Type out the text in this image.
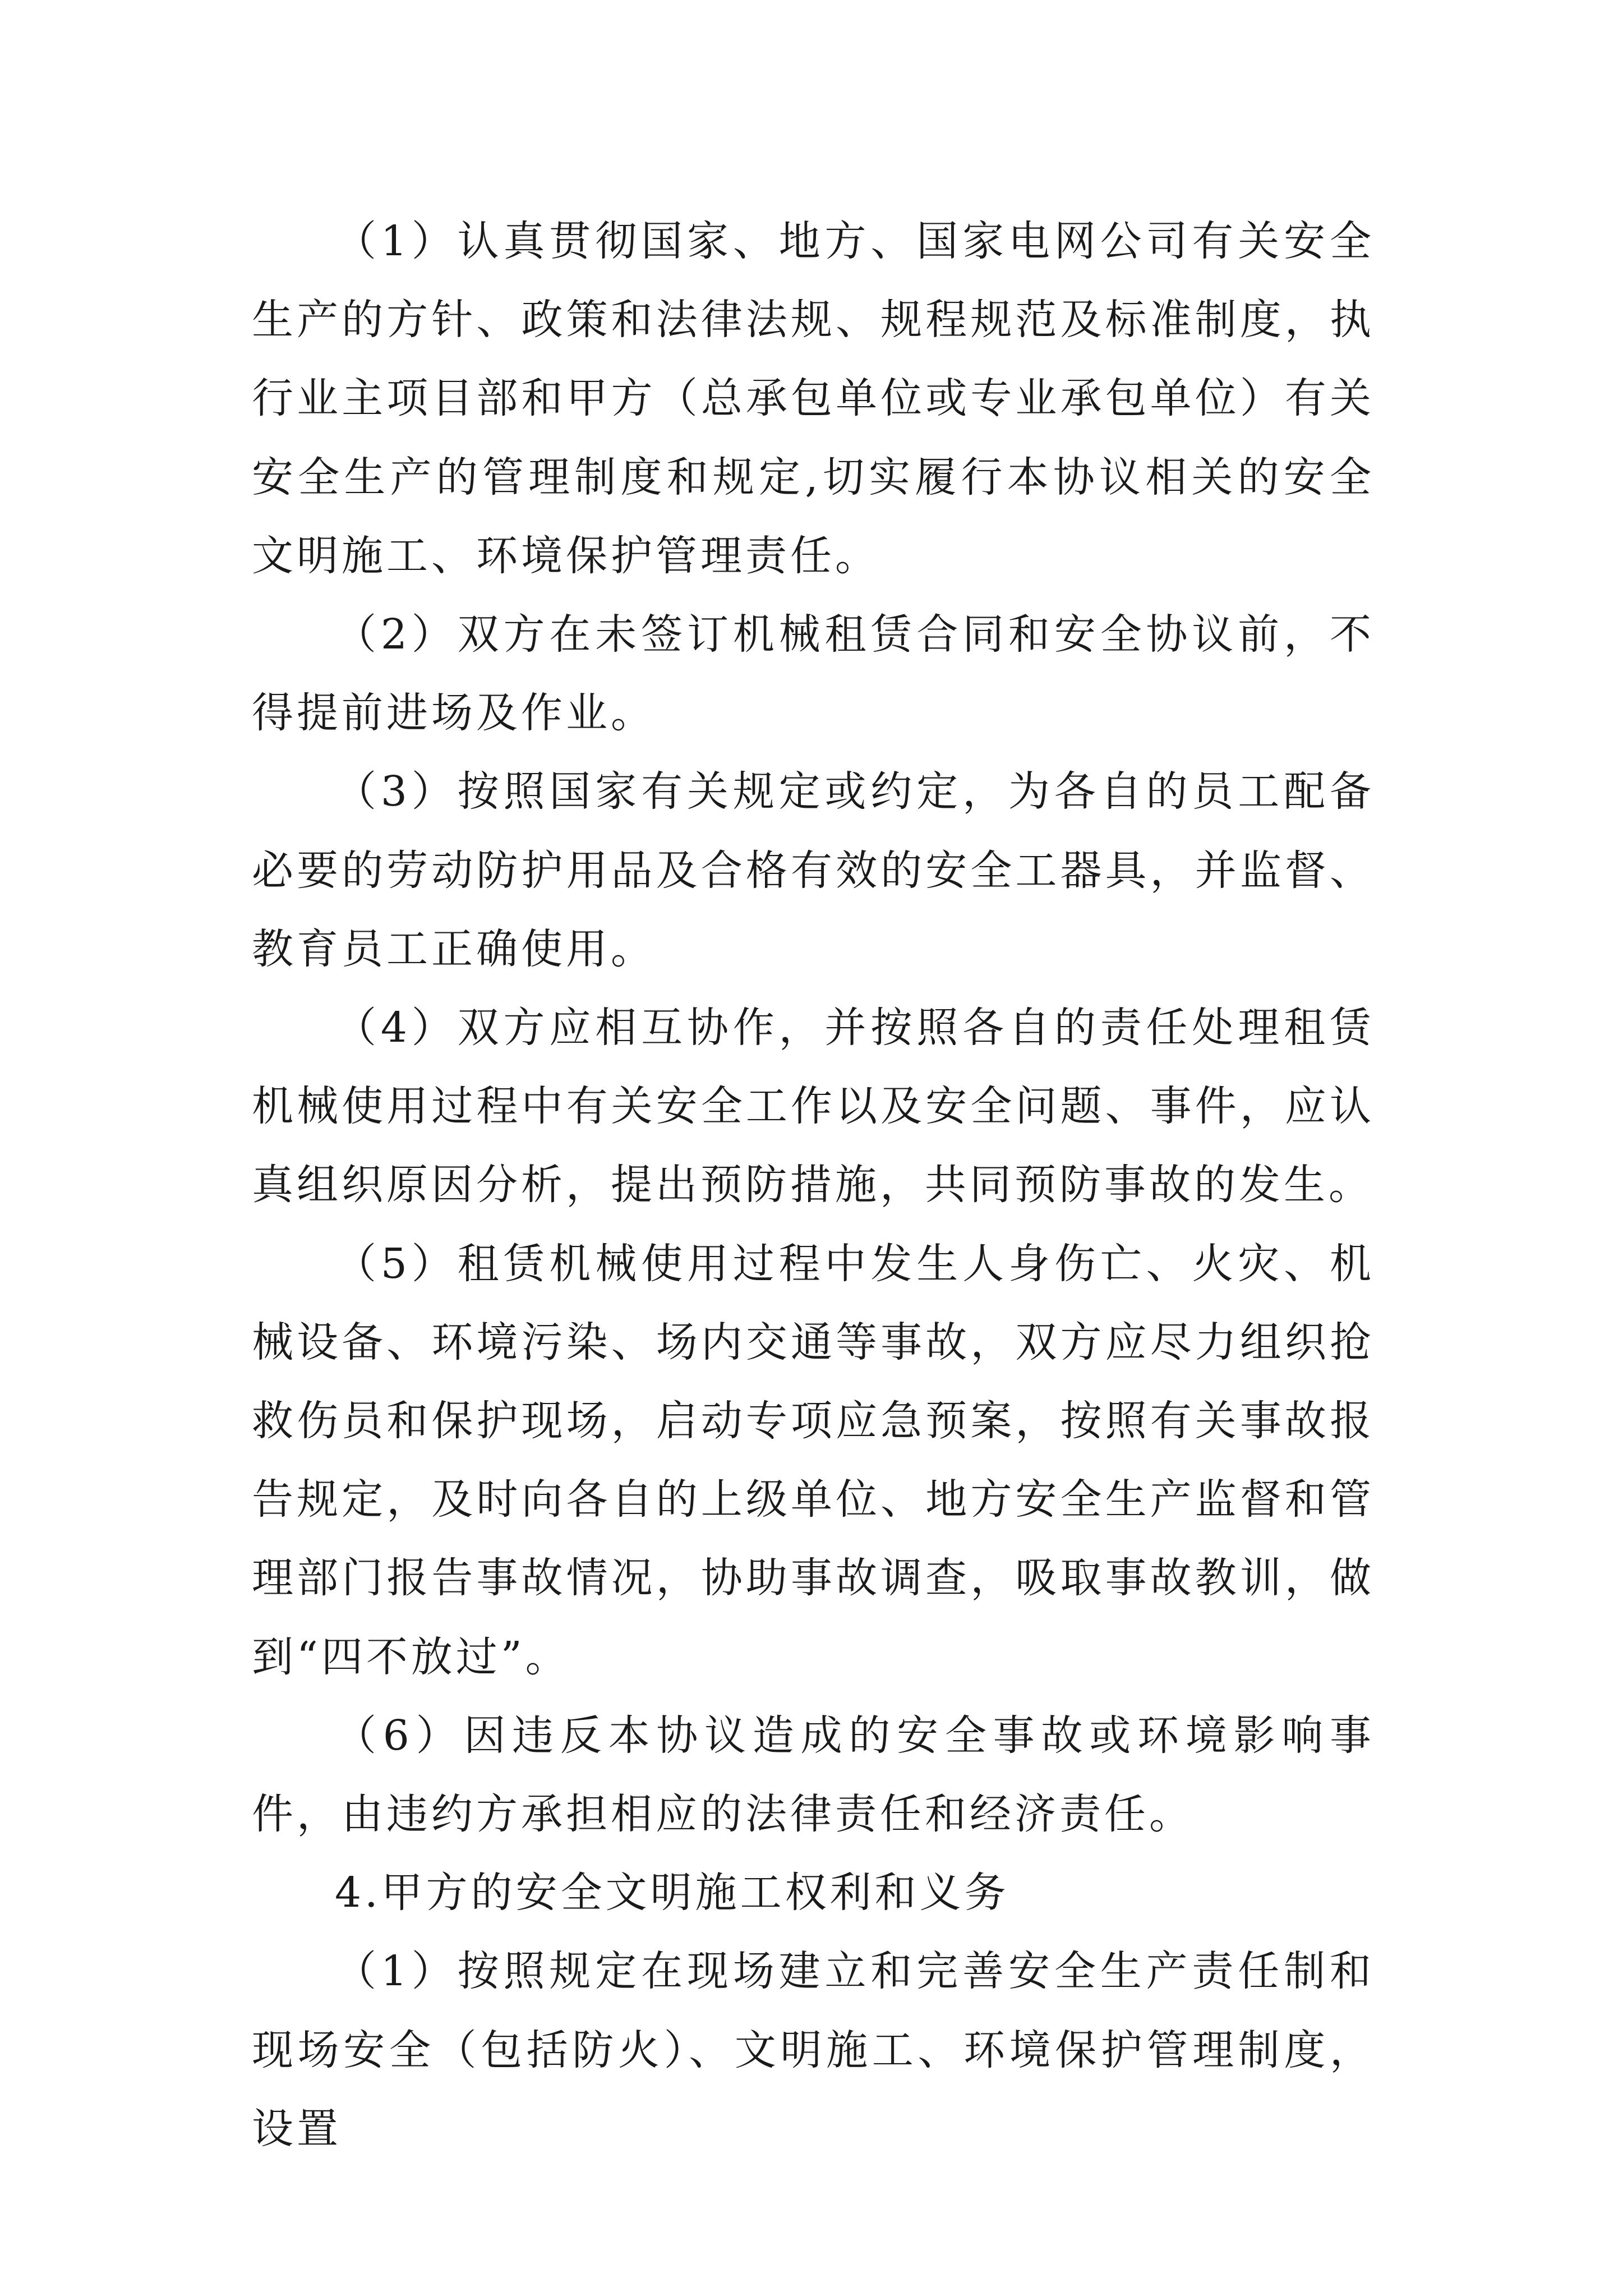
（1）认真贯彻国家、地方、国家电网公司有关安全生产的方针、政策和法律法规、规程规范及标准制度，执行业主项目部和甲方（总承包单位或专业承包单位）有关安全生产的管理制度和规定,切实履行本协议相关的安全文明施工、环境保护管理责任。

（2）双方在未签订机械租赁合同和安全协议前，不得提前进场及作业。

（3）按照国家有关规定或约定，为各自的员工配备必要的劳动防护用品及合格有效的安全工器具，并监督、教育员工正确使用。

（4）双方应相互协作，并按照各自的责任处理租赁机械使用过程中有关安全工作以及安全问题、事件，应认真组织原因分析，提出预防措施，共同预防事故的发生。

（5）租赁机械使用过程中发生人身伤亡、火灾、机械设备、环境污染、场内交通等事故，双方应尽力组织抢救伤员和保护现场，启动专项应急预案，按照有关事故报告规定，及时向各自的上级单位、地方安全生产监督和管理部门报告事故情况，协助事故调查，吸取事故教训，做到“四不放过”。

（6）因违反本协议造成的安全事故或环境影响事件，由违约方承担相应的法律责任和经济责任。

4.甲方的安全文明施工权利和义务

（1）按照规定在现场建立和完善安全生产责任制和现场安全（包括防火）、文明施工、环境保护管理制度，设置
